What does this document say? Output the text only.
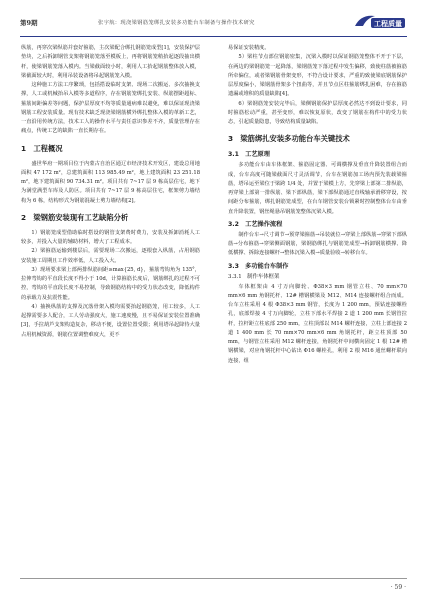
第9期	张宇航：现浇梁钢筋笼绑扎安装多功能台车制备与操作技术研究	工程质量

纵筋，再穿次梁纵筋并套好箍筋，主次梁配合绑扎钢筋笼成型[1]，安装保护层垫块，之后拆卸钢管支架将钢筋笼落至模板上，再将钢筋笼稍抬起逐段抽出横杆，使梁钢筋笼落入模内。当梁截面较小时，利用人工抬起钢筋整体放入模，梁截面较大时，利用吊装设备将吊起钢筋笼入模。

这种施工方法工序繁琐，包括搭设临时支架、现场二次搬运、多次抽换支撑，人工或机械抬吊入模等多道程序，存在钢筋笼绑扎安装、纵筋摆距超标、箍筋间距偏差等问题，保护层厚度不均等质量通病难以避免，难以保证现浇梁钢筋工程安装质量。现有技术缺乏现浇梁钢筋横外绑扎整体入模的革新工艺，一直沿用传统方法，技术工人的操作水平与责任意识参差不齐，质量管理存在痛点，传统工艺的缺陷一直长期存在。

1　工程概况

盛世华府一期项目位于内蒙古自治区通辽市经济技术开发区，建设总用地面积 47 172 m²，总建筑面积 113 985.49 m²，地上建筑面积 23 251.18 m²，地下建筑面积 90 734.31 m²。项目共有 7~17 层 9 栋高层住宅，地下为满堂满型车库及人防区。项目共有 7~17 层 9 栋高层住宅，框架剪力墙结构为 6 栋，结构形式为钢筋混凝土剪力墙结构[2]。

2　梁钢筋安装现有工艺缺陷分析

1）钢筋笼成型借助临时搭设的钢管支架费时费力，安装及拆卸消耗人工较多，并投入大量的辅助材料，增大了工程成本。

2）梁箍筋运输到楼层后，需要现场二次搬运，逐根套入纵筋，占用钢筋安装施工周期且工作效率低，人工投入大。

3）现场要求梁上部两排纵筋间距≥max{25, d}，箍筋弯钩角为 135°，拉伸弯钩的平直段长度不得小于 10d，计算箍筋长度后，钢筋绑扎的过程不可控，弯钩的平直段长度不易控制，导致钢筋结构中的受力状态改变，降低构件的承载力及抗震性能。

4）抽换纵筋的支撑及沉落骨架入模均需要抬起钢筋笼，用工较多，人工起撑需要多人配合，工人劳动强度大，施工速度慢，且不易保证安装位置准确[3]，手拉葫芦支架构造复杂，移动不便，设置位置受限；利用塔吊起降待大量占用机械资源，钢筋位置调整难度大，更不

易保证安装精度。

5）梁柱节点部位钢筋密集，沉梁入模时以保证钢筋笼整体不开于下层，在两边的梁钢筋笼一起降落，梁钢筋笼下落过程中发生偏移，致使柱筋被箍筋所牵偏位，或者梁钢筋骨架变形，不符合设计要求，严重的致使梁底钢筋保护层厚度偏小，梁钢筋骨架多个扭曲等，并且节点区柱箍筋绑扎困难，存在箍筋遗漏或堆积的质量缺陷[4]。

6）梁钢筋笼安装完毕后，梁侧钢筋保护层厚度必然达不到设计要求，同时箍筋松动严重，甚至变形，难以恢复原状，改变了钢筋在构件中的受力状态，引起质量隐患，导致结构质量缺陷。

3　梁筋绑扎安装多功能台车关键技术
3.1　工艺原理

多功能台车由车体框架、箍筋固定器、可调横撑及垂直升降装置组合而成，台车高度可随梁截面尺寸灵活调节，台车在钢筋加工场内预先装载梁箍筋，塔吊运至梁位于梁跨 1/4 处，并置于梁模上方，先穿梁上部第二排纵筋，再穿梁上部第一排纵筋、梁下部纵筋，梁下部纵筋通过直线轴承滑移穿设，按间距分布箍筋，绑扎钢筋笼成型，在台车钢管安装台锁紧时控制整体台车由垂直升降装置，钢丝绳悬吊钢筋笼整体沉梁入模。

3.2　工艺操作流程

制作台车→尺寸调节→预穿梁箍筋→吊装就位→穿梁上部纵筋→穿梁下部纵筋→分布箍筋→穿梁侧面钢筋，梁钢筋绑扎与钢筋笼成型→拆卸钢筋横撑、降低横撑、拆除连接螺杆→整体沉梁入模→质量验收→转移台车。

3.3　多功能台车制作
3.3.1　制作车体框架

车体框架由 4 寸万向脚轮、Φ38×3 mm 钢管立柱、70 mm×70 mm×6 mm 角钢托杆、12# 槽钢横梁及 M12、M14 连接螺杆组合而成。台车立柱采用 4 根 Φ38×3 mm 钢管，长度为 1 200 mm，预钻连接螺栓孔，底部焊接 4 寸万向脚轮，立柱下部水平焊接 2 道 1 200 mm 长钢管拉杆，拉杆距立柱底部 250 mm，立柱顶部以 M14 螺杆连接，立柱上部连接 2 道 1 400 mm 长 70 mm×70 mm×6 mm 角钢托杆，距立柱顶部 50 mm，与钢管立柱采用 M12 螺杆连接，角钢托杆中间横向固定 1 根 12# 槽钢横梁，对应角钢托杆中心钻出 Φ16 螺栓孔，利用 2 根 M16 通丝螺杆联向连接，组

· 59 ·
